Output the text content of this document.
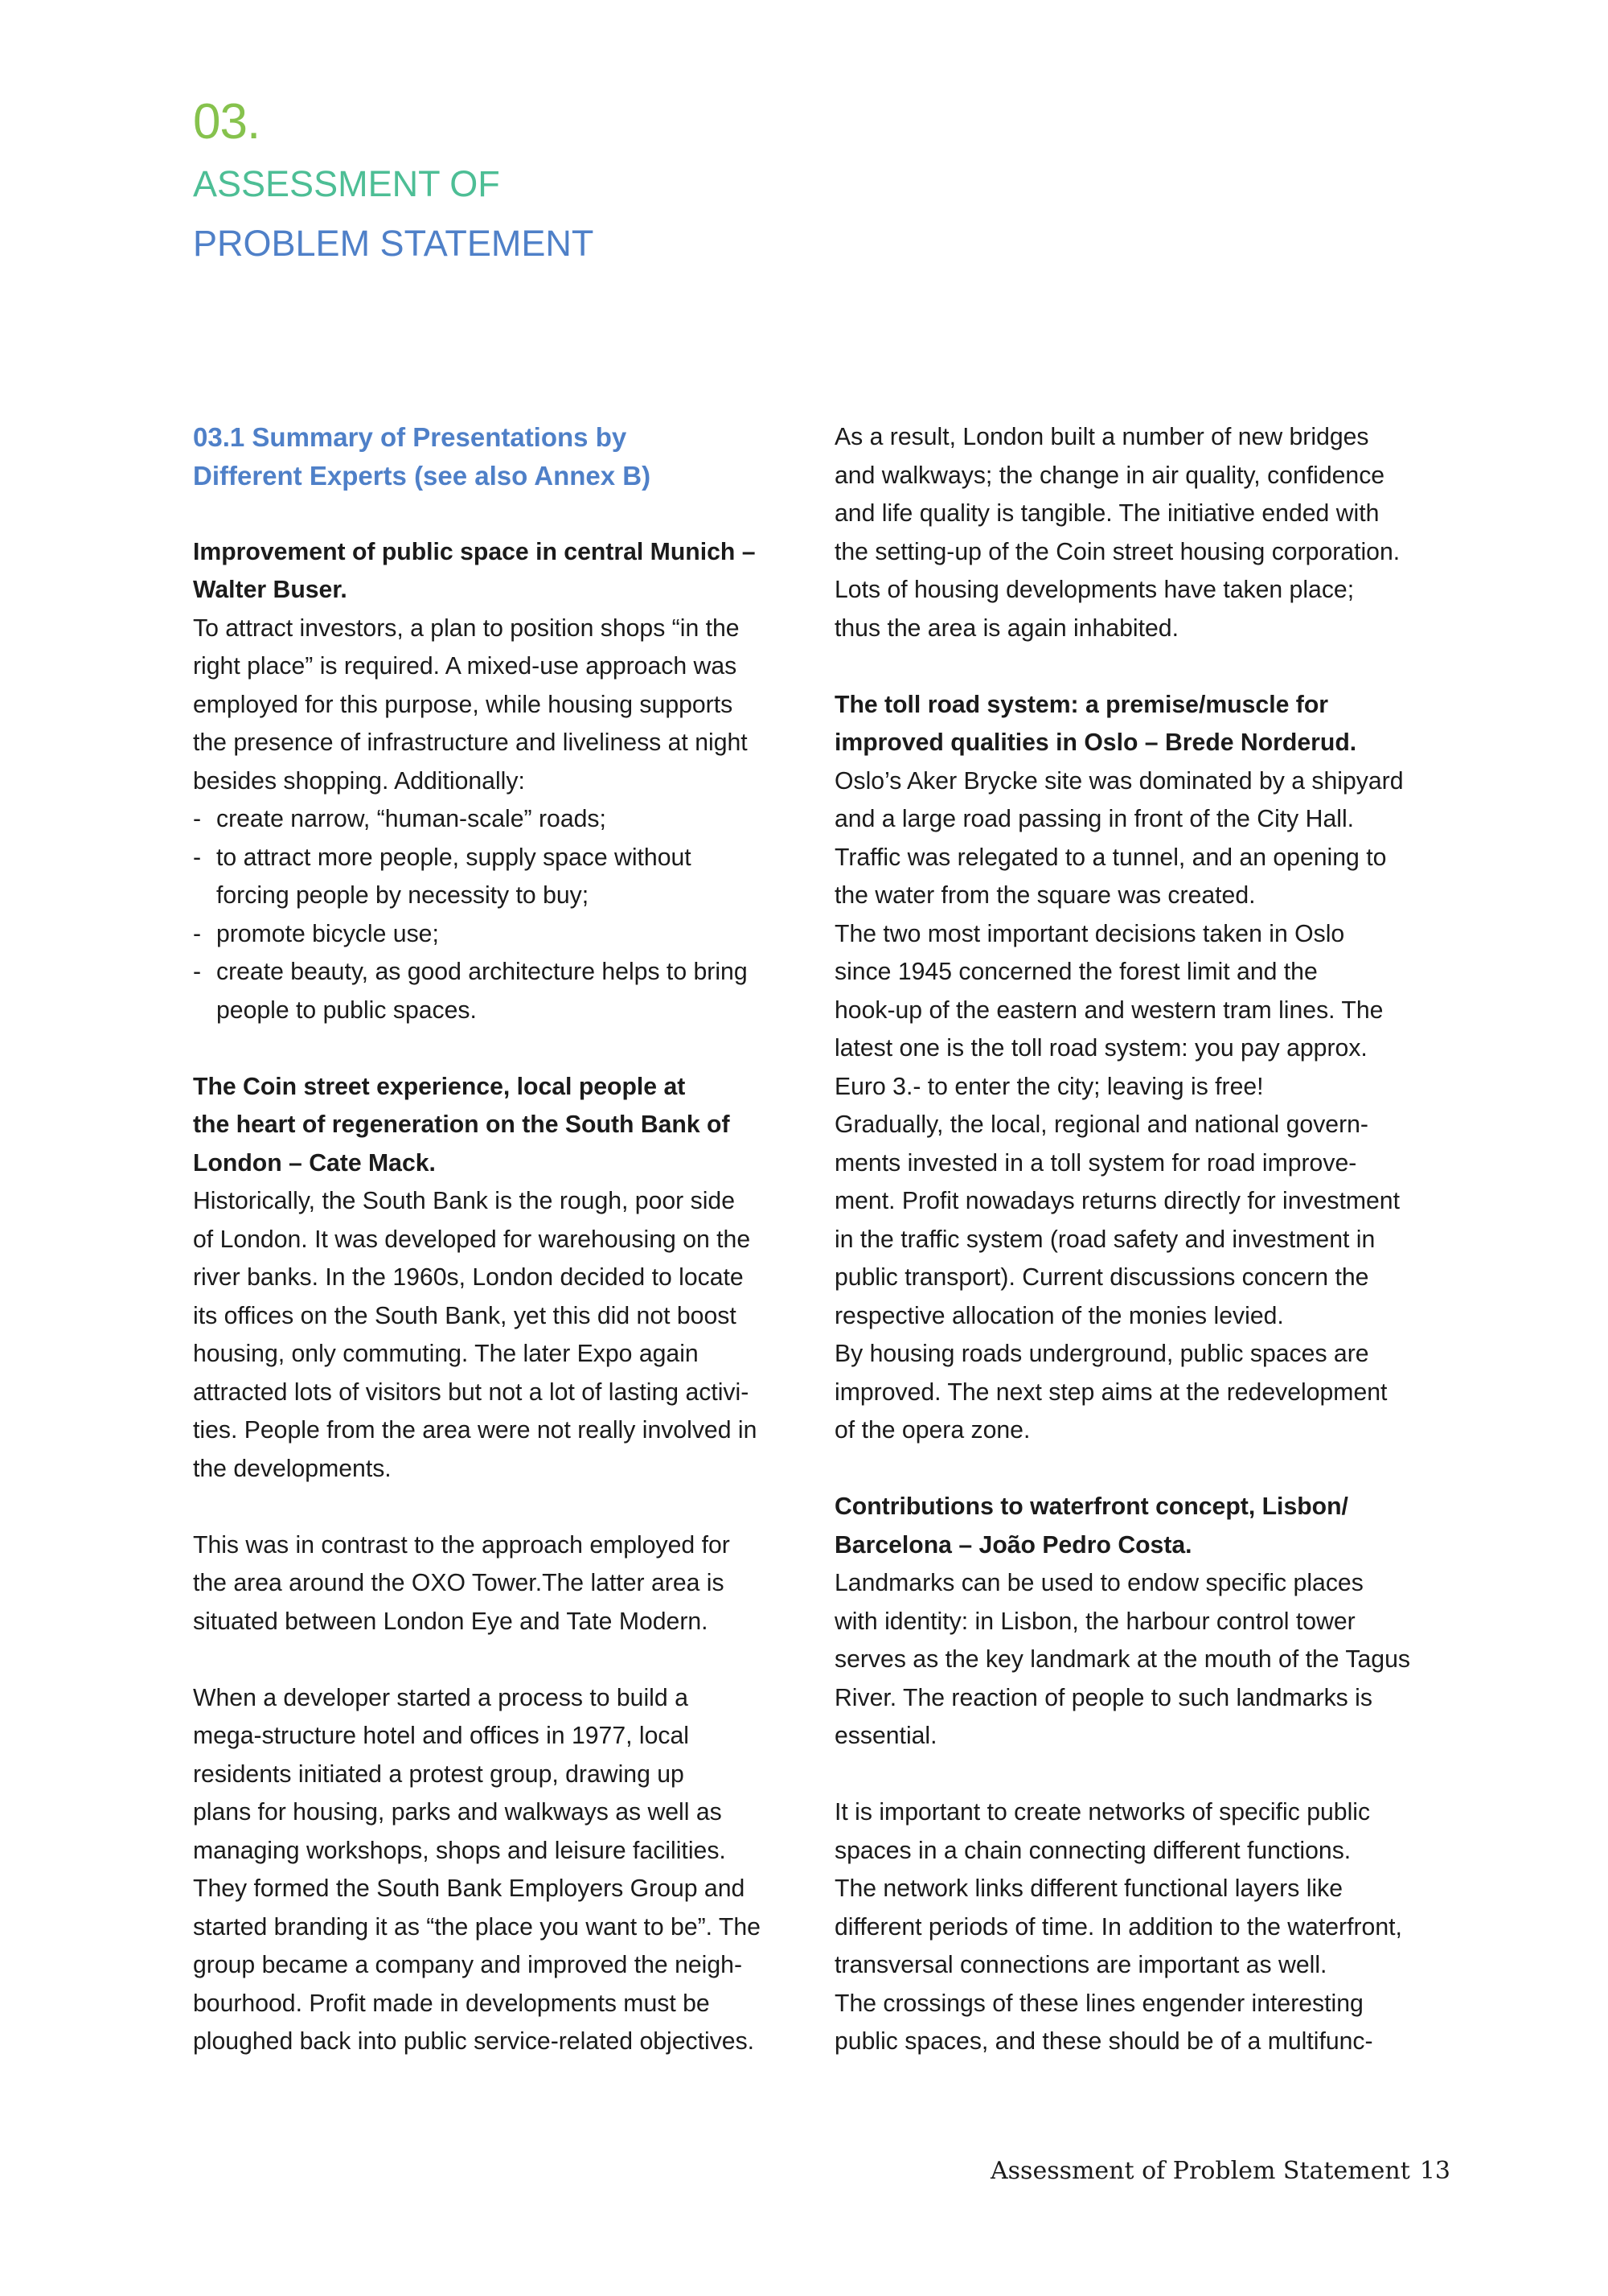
03.

ASSESSMENT OF
PROBLEM STATEMENT
03.1 Summary of Presentations by
Different Experts (see also Annex B)

Improvement of public space in central Munich –
Walter Buser.

To attract investors, a plan to position shops “in the
right place” is required. A mixed-use approach was
employed for this purpose, while housing supports
the presence of infrastructure and liveliness at night
besides shopping. Additionally:

- create narrow, “human-scale” roads;
- to attract more people, supply space without
forcing people by necessity to buy;
- promote bicycle use;
- create beauty, as good architecture helps to bring
people to public spaces.

The Coin street experience, local people at
the heart of regeneration on the South Bank of
London – Cate Mack.

Historically, the South Bank is the rough, poor side
of London. It was developed for warehousing on the
river banks. In the 1960s, London decided to locate
its offices on the South Bank, yet this did not boost
housing, only commuting. The later Expo again
attracted lots of visitors but not a lot of lasting activi-
ties. People from the area were not really involved in
the developments.

This was in contrast to the approach employed for
the area around the OXO Tower.The latter area is
situated between London Eye and Tate Modern.

When a developer started a process to build a
mega-structure hotel and offices in 1977, local
residents initiated a protest group, drawing up
plans for housing, parks and walkways as well as
managing workshops, shops and leisure facilities.
They formed the South Bank Employers Group and
started branding it as “the place you want to be”. The
group became a company and improved the neigh-
bourhood. Profit made in developments must be
ploughed back into public service-related objectives.

As a result, London built a number of new bridges
and walkways; the change in air quality, confidence
and life quality is tangible. The initiative ended with
the setting-up of the Coin street housing corporation.
Lots of housing developments have taken place;
thus the area is again inhabited.

The toll road system: a premise/muscle for
improved qualities in Oslo – Brede Norderud.

Oslo’s Aker Brycke site was dominated by a shipyard
and a large road passing in front of the City Hall.
Traffic was relegated to a tunnel, and an opening to
the water from the square was created.
The two most important decisions taken in Oslo
since 1945 concerned the forest limit and the
hook-up of the eastern and western tram lines. The
latest one is the toll road system: you pay approx.
Euro 3.- to enter the city; leaving is free!
Gradually, the local, regional and national govern-
ments invested in a toll system for road improve-
ment. Profit nowadays returns directly for investment
in the traffic system (road safety and investment in
public transport). Current discussions concern the
respective allocation of the monies levied.
By housing roads underground, public spaces are
improved. The next step aims at the redevelopment
of the opera zone.

Contributions to waterfront concept, Lisbon/
Barcelona – João Pedro Costa.

Landmarks can be used to endow specific places
with identity: in Lisbon, the harbour control tower
serves as the key landmark at the mouth of the Tagus
River. The reaction of people to such landmarks is
essential.

It is important to create networks of specific public
spaces in a chain connecting different functions.
The network links different functional layers like
different periods of time. In addition to the waterfront,
transversal connections are important as well.
The crossings of these lines engender interesting
public spaces, and these should be of a multifunc-

Assessment of Problem Statement 13
